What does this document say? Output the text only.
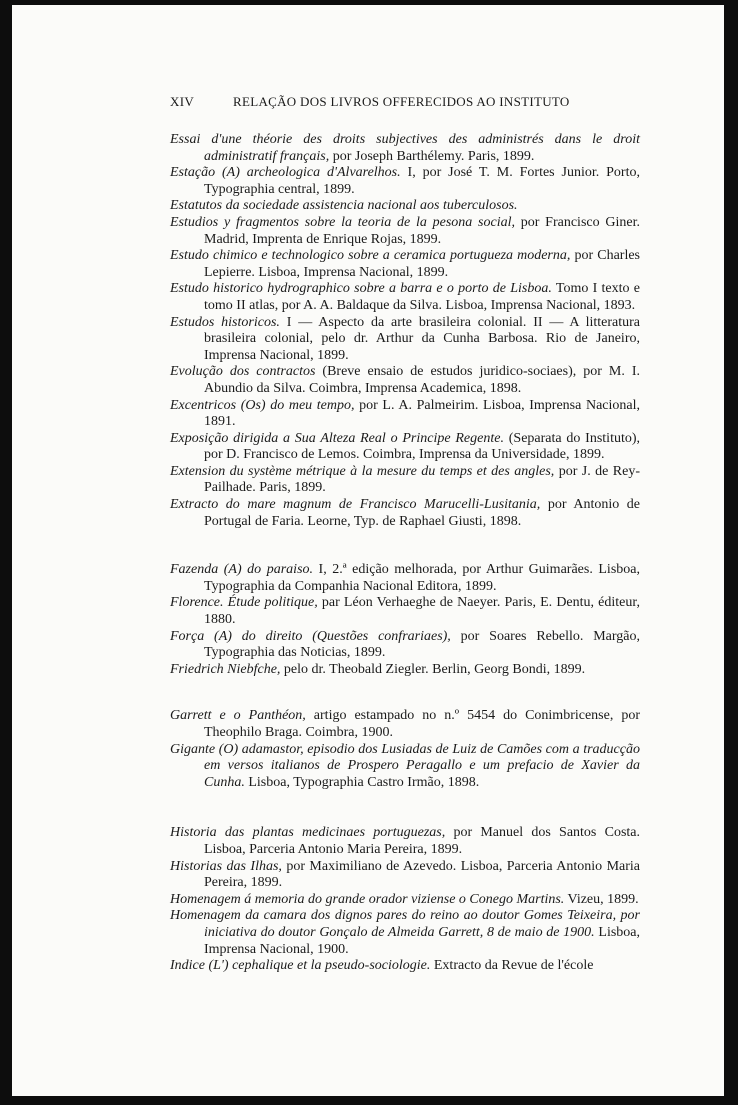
XIV	RELAÇÃO DOS LIVROS OFFERECIDOS AO INSTITUTO

Essai d'une théorie des droits subjectives des administrés dans le droit administratif français, por Joseph Barthélemy. Paris, 1899.

Estação (A) archeologica d'Alvarelhos. I, por José T. M. Fortes Junior. Porto, Typographia central, 1899.

Estatutos da sociedade assistencia nacional aos tuberculosos.

Estudios y fragmentos sobre la teoria de la pesona social, por Francisco Giner. Madrid, Imprenta de Enrique Rojas, 1899.

Estudo chimico e technologico sobre a ceramica portugueza moderna, por Charles Lepierre. Lisboa, Imprensa Nacional, 1899.

Estudo historico hydrographico sobre a barra e o porto de Lisboa. Tomo I texto e tomo II atlas, por A. A. Baldaque da Silva. Lisboa, Imprensa Nacional, 1893.

Estudos historicos. I — Aspecto da arte brasileira colonial. II — A litteratura brasileira colonial, pelo dr. Arthur da Cunha Barbosa. Rio de Janeiro, Imprensa Nacional, 1899.

Evolução dos contractos (Breve ensaio de estudos juridico-sociaes), por M. I. Abundio da Silva. Coimbra, Imprensa Academica, 1898.

Excentricos (Os) do meu tempo, por L. A. Palmeirim. Lisboa, Imprensa Nacional, 1891.

Exposição dirigida a Sua Alteza Real o Principe Regente. (Separata do Instituto), por D. Francisco de Lemos. Coimbra, Imprensa da Universidade, 1899.

Extension du système métrique à la mesure du temps et des angles, por J. de Rey-Pailhade. Paris, 1899.

Extracto do mare magnum de Francisco Marucelli-Lusitania, por Antonio de Portugal de Faria. Leorne, Typ. de Raphael Giusti, 1898.

Fazenda (A) do paraiso. I, 2.ª edição melhorada, por Arthur Guimarães. Lisboa, Typographia da Companhia Nacional Editora, 1899.

Florence. Étude politique, par Léon Verhaeghe de Naeyer. Paris, E. Dentu, éditeur, 1880.

Força (A) do direito (Questões confrariaes), por Soares Rebello. Margão, Typographia das Noticias, 1899.

Friedrich Niebfche, pelo dr. Theobald Ziegler. Berlin, Georg Bondi, 1899.

Garrett e o Panthéon, artigo estampado no n.º 5454 do Conimbricense, por Theophilo Braga. Coimbra, 1900.

Gigante (O) adamastor, episodio dos Lusiadas de Luiz de Camões com a traducção em versos italianos de Prospero Peragallo e um prefacio de Xavier da Cunha. Lisboa, Typographia Castro Irmão, 1898.

Historia das plantas medicinaes portuguezas, por Manuel dos Santos Costa. Lisboa, Parceria Antonio Maria Pereira, 1899.

Historias das Ilhas, por Maximiliano de Azevedo. Lisboa, Parceria Antonio Maria Pereira, 1899.

Homenagem á memoria do grande orador viziense o Conego Martins. Vizeu, 1899.

Homenagem da camara dos dignos pares do reino ao doutor Gomes Teixeira, por iniciativa do doutor Gonçalo de Almeida Garrett, 8 de maio de 1900. Lisboa, Imprensa Nacional, 1900.

Indice (L') cephalique et la pseudo-sociologie. Extracto da Revue de l'école
